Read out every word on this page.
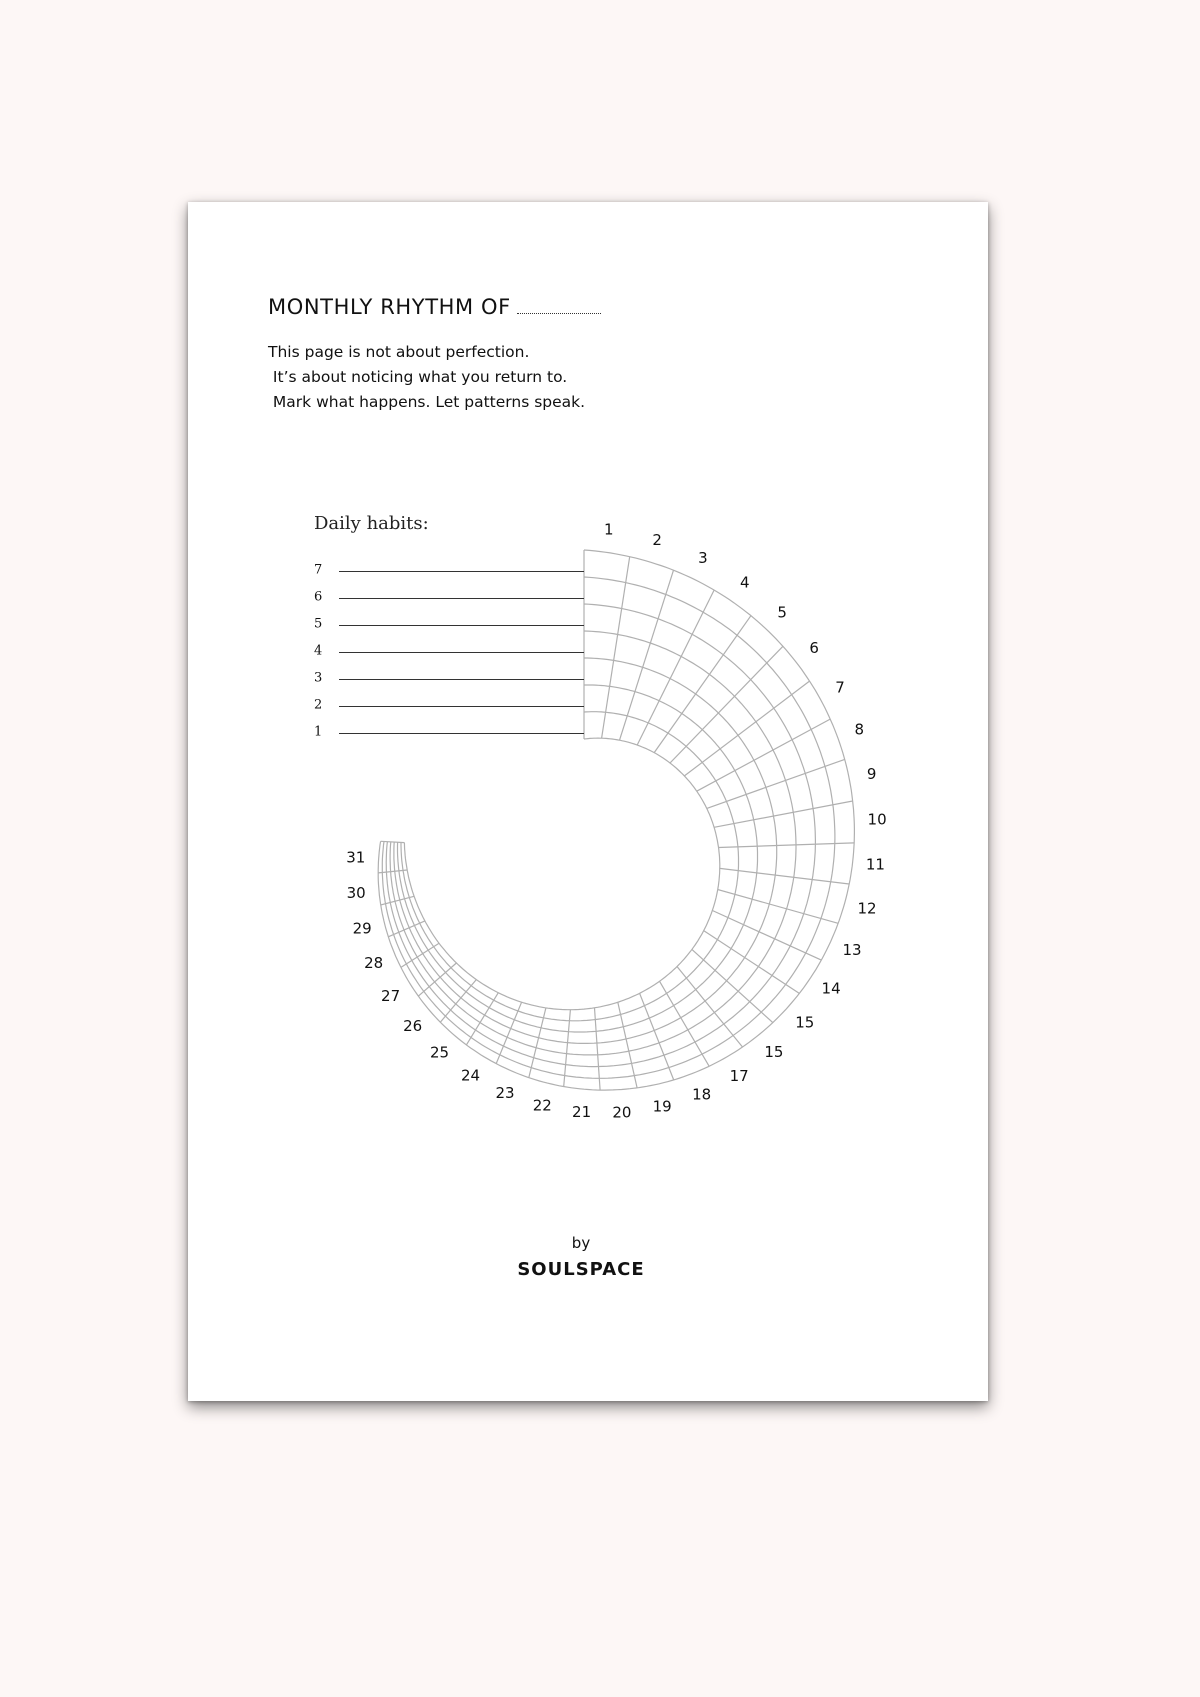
MONTHLY RHYTHM OF
This page is not about perfection.
It’s about noticing what you return to.
Mark what happens. Let patterns speak.
Daily habits:
1
2
3
4
5
6
7
1
2
3
4
5
6
7
8
9
10
11
12
13
14
15
15
17
18
19
20
21
22
23
24
25
26
27
28
29
30
31
by
SOULSPACE
